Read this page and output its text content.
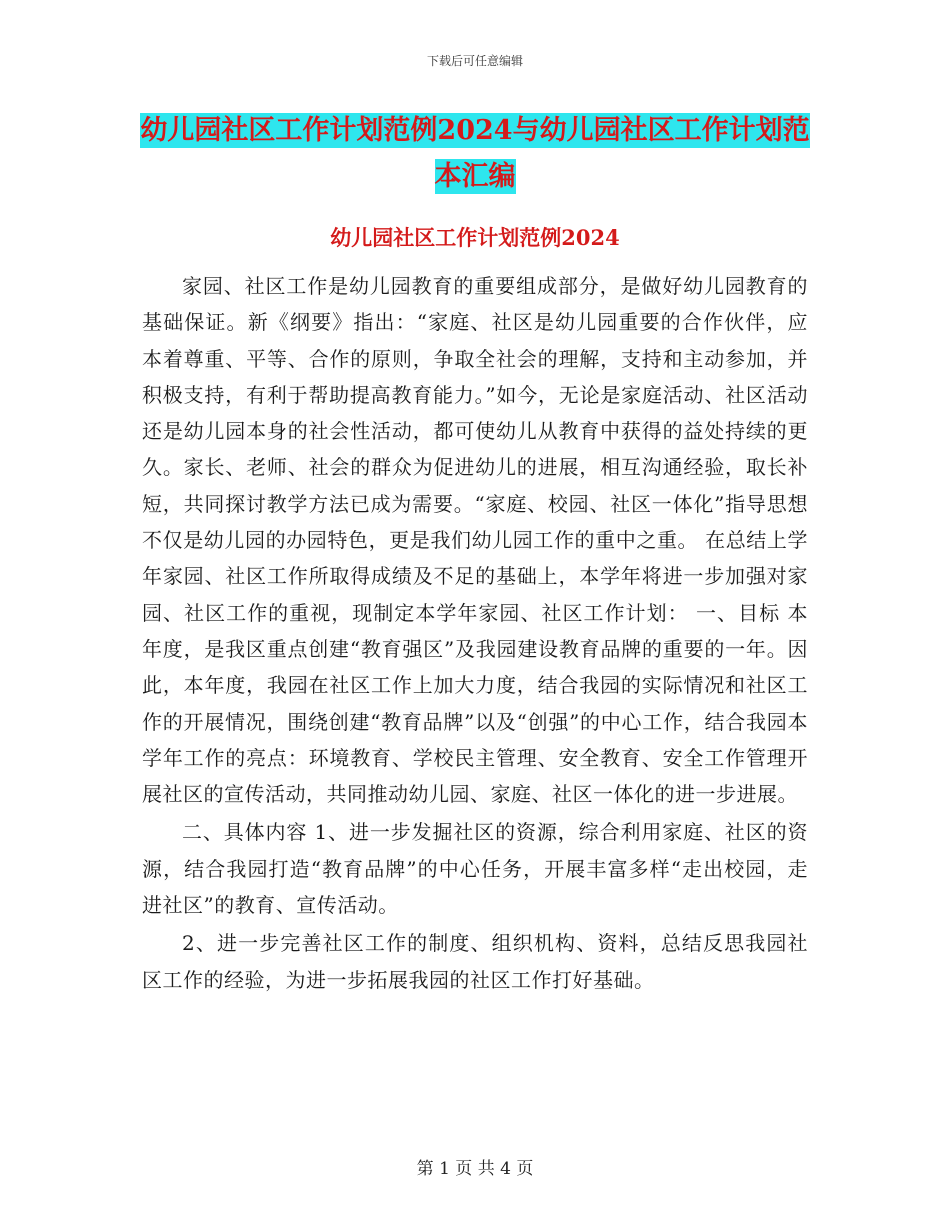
下载后可任意编辑
幼儿园社区工作计划范例2024与幼儿园社区工作计划范本汇编
幼儿园社区工作计划范例2024

家园、社区工作是幼儿园教育的重要组成部分，是做好幼儿园教育的基础保证。新《纲要》指出：“家庭、社区是幼儿园重要的合作伙伴，应本着尊重、平等、合作的原则，争取全社会的理解，支持和主动参加，并积极支持，有利于帮助提高教育能力。”如今，无论是家庭活动、社区活动还是幼儿园本身的社会性活动，都可使幼儿从教育中获得的益处持续的更久。家长、老师、社会的群众为促进幼儿的进展，相互沟通经验，取长补短，共同探讨教学方法已成为需要。“家庭、校园、社区一体化”指导思想不仅是幼儿园的办园特色，更是我们幼儿园工作的重中之重。 在总结上学年家园、社区工作所取得成绩及不足的基础上，本学年将进一步加强对家园、社区工作的重视，现制定本学年家园、社区工作计划： 一、目标 本年度，是我区重点创建“教育强区”及我园建设教育品牌的重要的一年。因此，本年度，我园在社区工作上加大力度，结合我园的实际情况和社区工作的开展情况，围绕创建“教育品牌”以及“创强”的中心工作，结合我园本学年工作的亮点：环境教育、学校民主管理、安全教育、安全工作管理开展社区的宣传活动，共同推动幼儿园、家庭、社区一体化的进一步进展。

二、具体内容 1、进一步发掘社区的资源，综合利用家庭、社区的资源，结合我园打造“教育品牌”的中心任务，开展丰富多样“走出校园，走进社区”的教育、宣传活动。

2、进一步完善社区工作的制度、组织机构、资料，总结反思我园社区工作的经验，为进一步拓展我园的社区工作打好基础。

第 1 页 共 4 页
